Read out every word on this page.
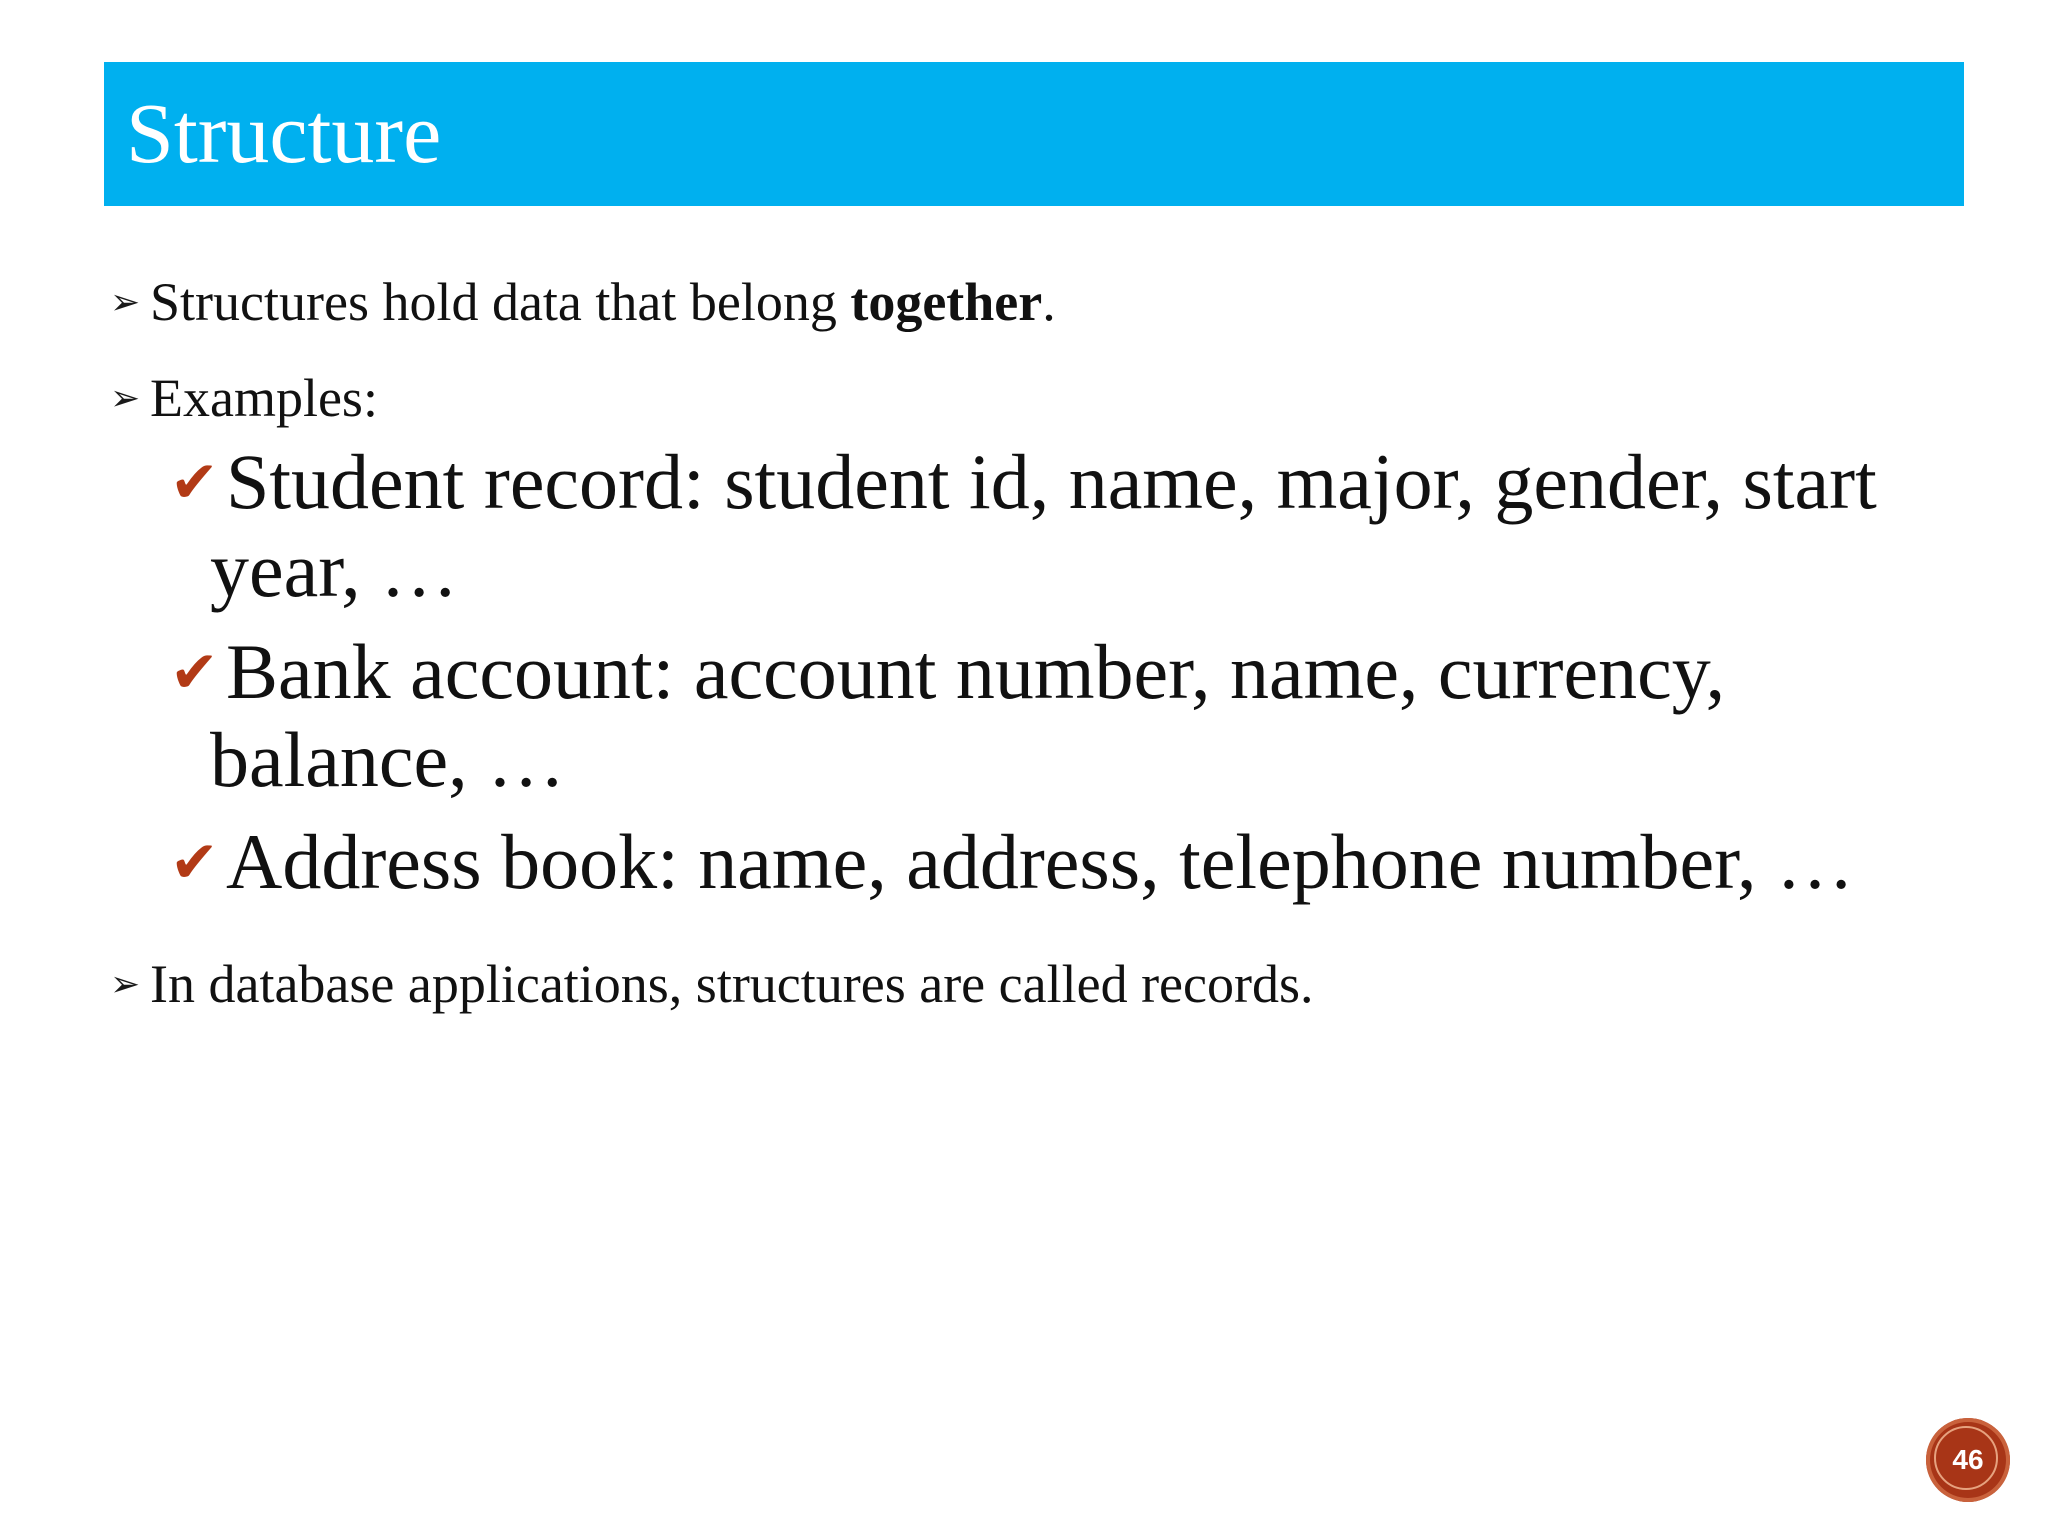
Structure
➢ Structures hold data that belong together.
➢ Examples:
✔Student record: student id, name, major, gender, start
year, …
✔Bank account: account number, name, currency,
balance, …
✔Address book: name, address, telephone number, …
➢ In database applications, structures are called records.
46
